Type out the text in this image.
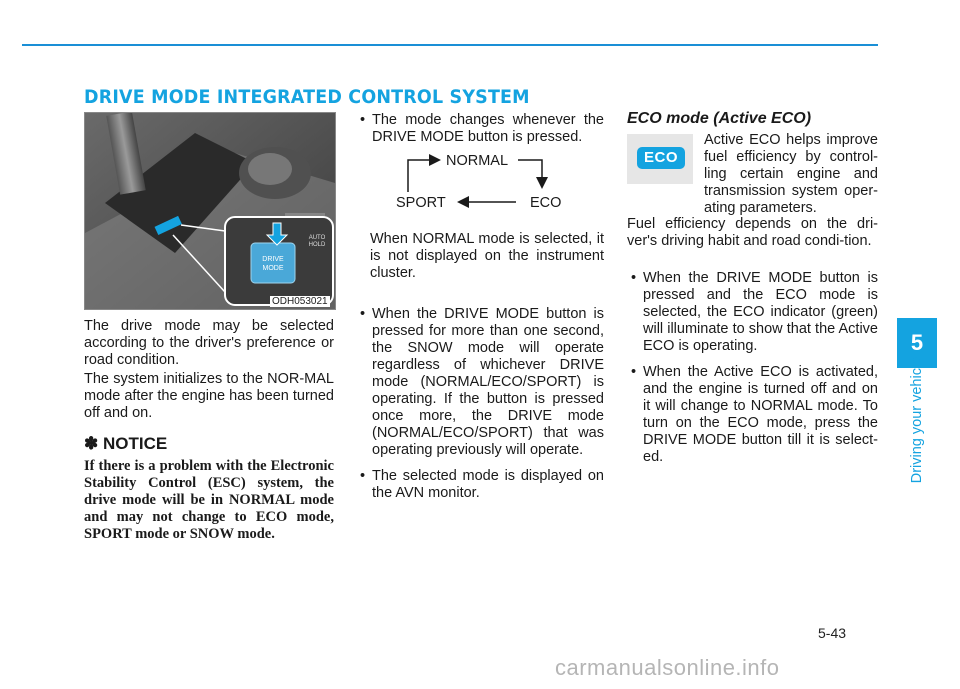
DRIVE MODE INTEGRATED CONTROL SYSTEM
DRIVE
MODE
AUTO
HOLD
ODH053021
The drive mode may be selected according to the driver's preference or road condition.
The system initializes to the NOR-MAL mode after the engine has been turned off and on.
✽ NOTICE
If there is a problem with the Electronic Stability Control (ESC) system, the drive mode will be in NORMAL mode and may not change to ECO mode, SPORT mode or SNOW mode.
• The mode changes whenever the DRIVE MODE button is pressed.
NORMAL
SPORT	ECO
When NORMAL mode is selected, it is not displayed on the instrument cluster.
• When the DRIVE MODE button is pressed for more than one second, the SNOW mode will operate regardless of whichever DRIVE mode (NORMAL/ECO/SPORT) is operating. If the button is pressed once more, the DRIVE mode (NORMAL/ECO/SPORT) that was operating previously will operate.
• The selected mode is displayed on the AVN monitor.
ECO mode (Active ECO)
ECO
Active ECO helps improve fuel efficiency by control-ling certain engine and transmission system oper-ating parameters.
Fuel efficiency depends on the dri-ver's driving habit and road condi-tion.
• When the DRIVE MODE button is pressed and the ECO mode is selected, the ECO indicator (green) will illuminate to show that the Active ECO is operating.
• When the Active ECO is activated, and the engine is turned off and on it will change to NORMAL mode. To turn on the ECO mode, press the DRIVE MODE button till it is select-ed.
5
Driving your vehicle
5-43
carmanualsonline.info
